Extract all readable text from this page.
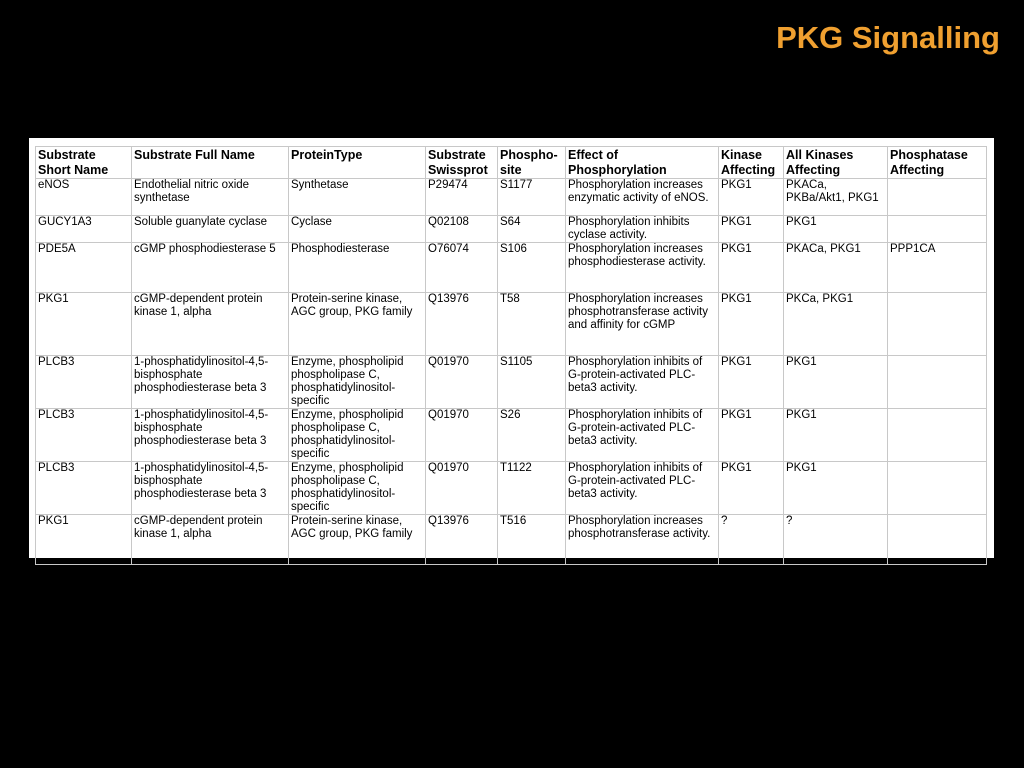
PKG Signalling
Substrate Short Name	Substrate Full Name	ProteinType	Substrate Swissprot	Phospho-site	Effect of Phosphorylation	Kinase Affecting	All Kinases Affecting	Phosphatase Affecting
eNOS	Endothelial nitric oxide synthetase	Synthetase	P29474	S1177	Phosphorylation increases enzymatic activity of eNOS.	PKG1	PKACa, PKBa/Akt1, PKG1	
GUCY1A3	Soluble guanylate cyclase	Cyclase	Q02108	S64	Phosphorylation inhibits cyclase activity.	PKG1	PKG1	
PDE5A	cGMP phosphodiesterase 5	Phosphodiesterase	O76074	S106	Phosphorylation increases phosphodiesterase activity.	PKG1	PKACa, PKG1	PPP1CA
PKG1	cGMP-dependent protein kinase 1, alpha	Protein-serine kinase, AGC group, PKG family	Q13976	T58	Phosphorylation increases phosphotransferase activity and affinity for cGMP	PKG1	PKCa, PKG1	
PLCB3	1-phosphatidylinositol-4,5-bisphosphate phosphodiesterase beta 3	Enzyme, phospholipid phospholipase C, phosphatidylinositol-specific	Q01970	S1105	Phosphorylation inhibits of G-protein-activated PLC-beta3 activity.	PKG1	PKG1	
PLCB3	1-phosphatidylinositol-4,5-bisphosphate phosphodiesterase beta 3	Enzyme, phospholipid phospholipase C, phosphatidylinositol-specific	Q01970	S26	Phosphorylation inhibits of G-protein-activated PLC-beta3 activity.	PKG1	PKG1	
PLCB3	1-phosphatidylinositol-4,5-bisphosphate phosphodiesterase beta 3	Enzyme, phospholipid phospholipase C, phosphatidylinositol-specific	Q01970	T1122	Phosphorylation inhibits of G-protein-activated PLC-beta3 activity.	PKG1	PKG1	
PKG1	cGMP-dependent protein kinase 1, alpha	Protein-serine kinase, AGC group, PKG family	Q13976	T516	Phosphorylation increases phosphotransferase activity.	?	?	
